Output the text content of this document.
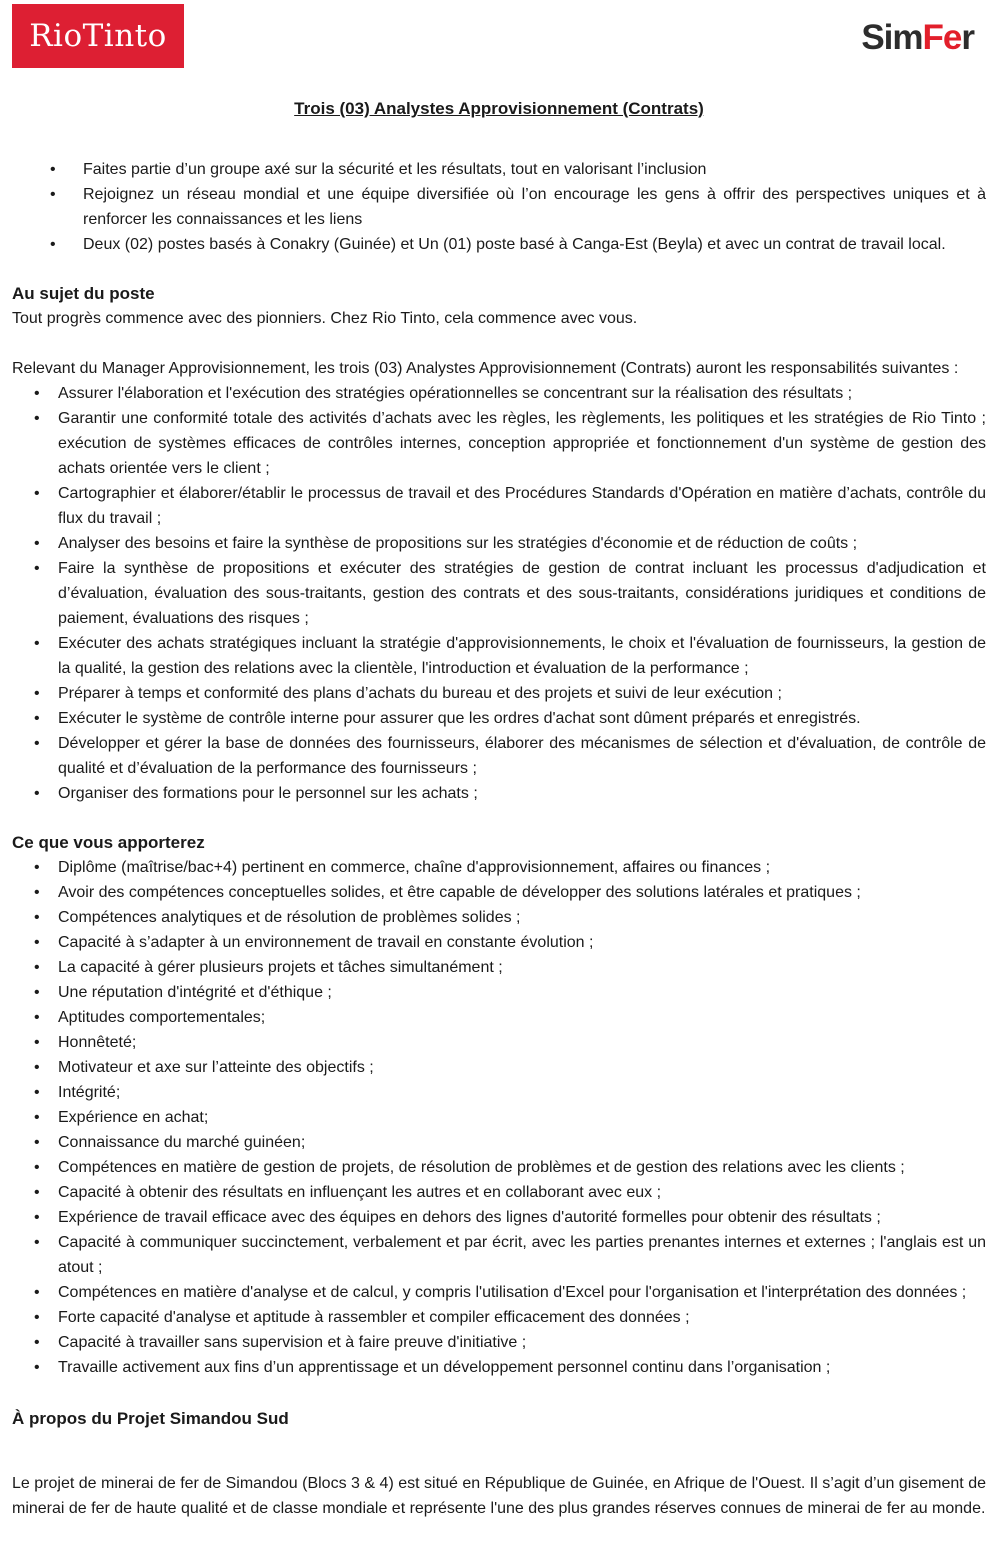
RioTinto	SimFer
Trois (03) Analystes Approvisionnement (Contrats)
•	Faites partie d’un groupe axé sur la sécurité et les résultats, tout en valorisant l’inclusion
•	Rejoignez un réseau mondial et une équipe diversifiée où l’on encourage les gens à offrir des perspectives uniques et à renforcer les connaissances et les liens
•	Deux (02) postes basés à Conakry (Guinée) et Un (01) poste basé à Canga-Est (Beyla) et avec un contrat de travail local.
Au sujet du poste
Tout progrès commence avec des pionniers. Chez Rio Tinto, cela commence avec vous.
Relevant du Manager Approvisionnement, les trois (03) Analystes Approvisionnement (Contrats) auront les responsabilités suivantes :
•	Assurer l'élaboration et l'exécution des stratégies opérationnelles se concentrant sur la réalisation des résultats ;
•	Garantir une conformité totale des activités d’achats avec les règles, les règlements, les politiques et les stratégies de Rio Tinto ; exécution de systèmes efficaces de contrôles internes, conception appropriée et fonctionnement d'un système de gestion des achats orientée vers le client ;
•	Cartographier et élaborer/établir le processus de travail et des Procédures Standards d'Opération en matière d’achats, contrôle du flux du travail ;
•	Analyser des besoins et faire la synthèse de propositions sur les stratégies d'économie et de réduction de coûts ;
•	Faire la synthèse de propositions et exécuter des stratégies de gestion de contrat incluant les processus d'adjudication et d’évaluation, évaluation des sous-traitants, gestion des contrats et des sous-traitants, considérations juridiques et conditions de paiement, évaluations des risques ;
•	Exécuter des achats stratégiques incluant la stratégie d'approvisionnements, le choix et l'évaluation de fournisseurs, la gestion de la qualité, la gestion des relations avec la clientèle, l'introduction et évaluation de la performance ;
•	Préparer à temps et conformité des plans d’achats du bureau et des projets et suivi de leur exécution ;
•	Exécuter le système de contrôle interne pour assurer que les ordres d'achat sont dûment préparés et enregistrés.
•	Développer et gérer la base de données des fournisseurs, élaborer des mécanismes de sélection et d'évaluation, de contrôle de qualité et d’évaluation de la performance des fournisseurs ;
•	Organiser des formations pour le personnel sur les achats ;
Ce que vous apporterez
•	Diplôme (maîtrise/bac+4) pertinent en commerce, chaîne d'approvisionnement, affaires ou finances ;
•	Avoir des compétences conceptuelles solides, et être capable de développer des solutions latérales et pratiques ;
•	Compétences analytiques et de résolution de problèmes solides ;
•	Capacité à s’adapter à un environnement de travail en constante évolution ;
•	La capacité à gérer plusieurs projets et tâches simultanément ;
•	Une réputation d'intégrité et d'éthique ;
•	Aptitudes comportementales;
•	Honnêteté;
•	Motivateur et axe sur l’atteinte des objectifs ;
•	Intégrité;
•	Expérience en achat;
•	Connaissance du marché guinéen;
•	Compétences en matière de gestion de projets, de résolution de problèmes et de gestion des relations avec les clients ;
•	Capacité à obtenir des résultats en influençant les autres et en collaborant avec eux ;
•	Expérience de travail efficace avec des équipes en dehors des lignes d'autorité formelles pour obtenir des résultats ;
•	Capacité à communiquer succinctement, verbalement et par écrit, avec les parties prenantes internes et externes ; l'anglais est un atout ;
•	Compétences en matière d'analyse et de calcul, y compris l'utilisation d'Excel pour l'organisation et l'interprétation des données ;
•	Forte capacité d'analyse et aptitude à rassembler et compiler efficacement des données ;
•	Capacité à travailler sans supervision et à faire preuve d'initiative ;
•	Travaille activement aux fins d’un apprentissage et un développement personnel continu dans l’organisation ;
À propos du Projet Simandou Sud
Le projet de minerai de fer de Simandou (Blocs 3 & 4) est situé en République de Guinée, en Afrique de l'Ouest. Il s’agit d’un gisement de minerai de fer de haute qualité et de classe mondiale et représente l'une des plus grandes réserves connues de minerai de fer au monde.
